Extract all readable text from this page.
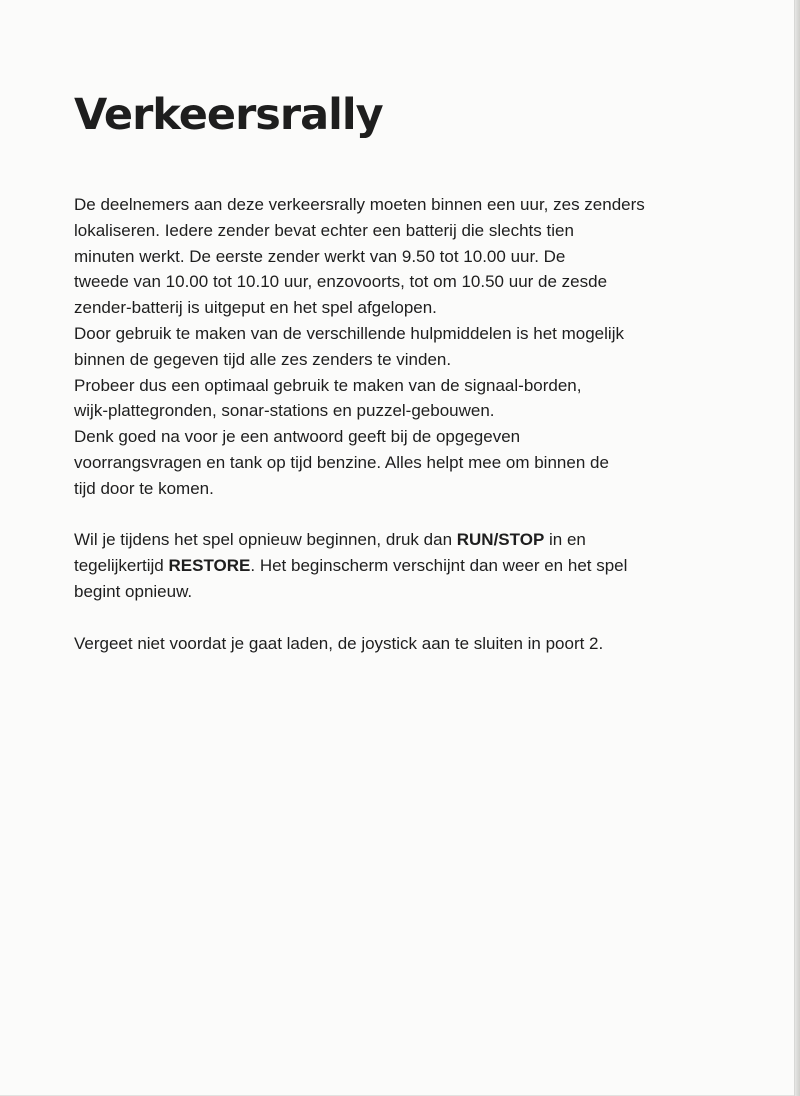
Verkeersrally
De deelnemers aan deze verkeersrally moeten binnen een uur, zes zenders
lokaliseren. Iedere zender bevat echter een batterij die slechts tien
minuten werkt. De eerste zender werkt van 9.50 tot 10.00 uur. De
tweede van 10.00 tot 10.10 uur, enzovoorts, tot om 10.50 uur de zesde
zender-batterij is uitgeput en het spel afgelopen.
Door gebruik te maken van de verschillende hulpmiddelen is het mogelijk
binnen de gegeven tijd alle zes zenders te vinden.
Probeer dus een optimaal gebruik te maken van de signaal-borden,
wijk-plattegronden, sonar-stations en puzzel-gebouwen.
Denk goed na voor je een antwoord geeft bij de opgegeven
voorrangsvragen en tank op tijd benzine. Alles helpt mee om binnen de
tijd door te komen.
Wil je tijdens het spel opnieuw beginnen, druk dan RUN/STOP in en
tegelijkertijd RESTORE. Het beginscherm verschijnt dan weer en het spel
begint opnieuw.
Vergeet niet voordat je gaat laden, de joystick aan te sluiten in poort 2.
